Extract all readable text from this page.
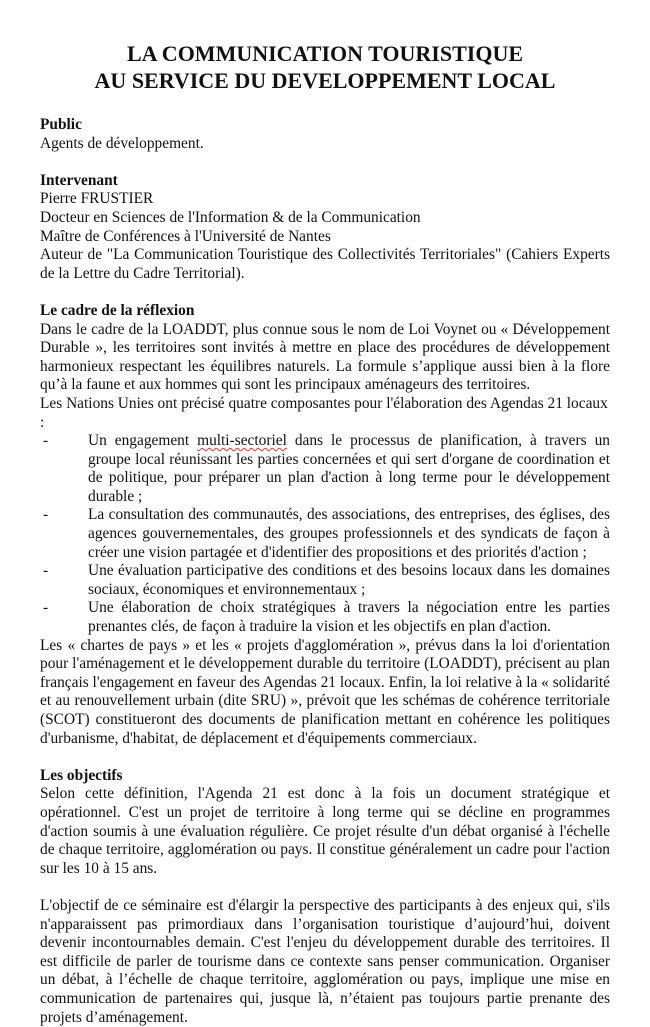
LA COMMUNICATION TOURISTIQUE
AU SERVICE DU DEVELOPPEMENT LOCAL
Public
Agents de développement.
Intervenant
Pierre FRUSTIER
Docteur en Sciences de l'Information & de la Communication
Maître de Conférences à l'Université de Nantes

Auteur de "La Communication Touristique des Collectivités Territoriales" (Cahiers Experts de la Lettre du Cadre Territorial).

Le cadre de la réflexion

Dans le cadre de la LOADDT, plus connue sous le nom de Loi Voynet ou « Développement Durable », les territoires sont invités à mettre en place des procédures de développement harmonieux respectant les équilibres naturels. La formule s’applique aussi bien à la flore qu’à la faune et aux hommes qui sont les principaux aménageurs des territoires.

Les Nations Unies ont précisé quatre composantes pour l'élaboration des Agendas 21 locaux :

-	Un engagement multi-sectoriel dans le processus de planification, à travers un groupe local réunissant les parties concernées et qui sert d'organe de coordination et de politique, pour préparer un plan d'action à long terme pour le développement durable ;
-	La consultation des communautés, des associations, des entreprises, des églises, des agences gouvernementales, des groupes professionnels et des syndicats de façon à créer une vision partagée et d'identifier des propositions et des priorités d'action ;
-	Une évaluation participative des conditions et des besoins locaux dans les domaines sociaux, économiques et environnementaux ;
-	Une élaboration de choix stratégiques à travers la négociation entre les parties prenantes clés, de façon à traduire la vision et les objectifs en plan d'action.

Les « chartes de pays » et les « projets d'agglomération », prévus dans la loi d'orientation pour l'aménagement et le développement durable du territoire (LOADDT), précisent au plan français l'engagement en faveur des Agendas 21 locaux. Enfin, la loi relative à la « solidarité et au renouvellement urbain (dite SRU) », prévoit que les schémas de cohérence territoriale (SCOT) constitueront des documents de planification mettant en cohérence les politiques d'urbanisme, d'habitat, de déplacement et d'équipements commerciaux.

Les objectifs

Selon cette définition, l'Agenda 21 est donc à la fois un document stratégique et opérationnel. C'est un projet de territoire à long terme qui se décline en programmes d'action soumis à une évaluation régulière. Ce projet résulte d'un débat organisé à l'échelle de chaque territoire, agglomération ou pays. Il constitue généralement un cadre pour l'action sur les 10 à 15 ans.

L'objectif de ce séminaire est d'élargir la perspective des participants à des enjeux qui, s'ils n'apparaissent pas primordiaux dans l’organisation touristique d’aujourd’hui, doivent devenir incontournables demain. C'est l'enjeu du développement durable des territoires. Il est difficile de parler de tourisme dans ce contexte sans penser communication. Organiser un débat, à l’échelle de chaque territoire, agglomération ou pays, implique une mise en communication de partenaires qui, jusque là, n’étaient pas toujours partie prenante des projets d’aménagement.
